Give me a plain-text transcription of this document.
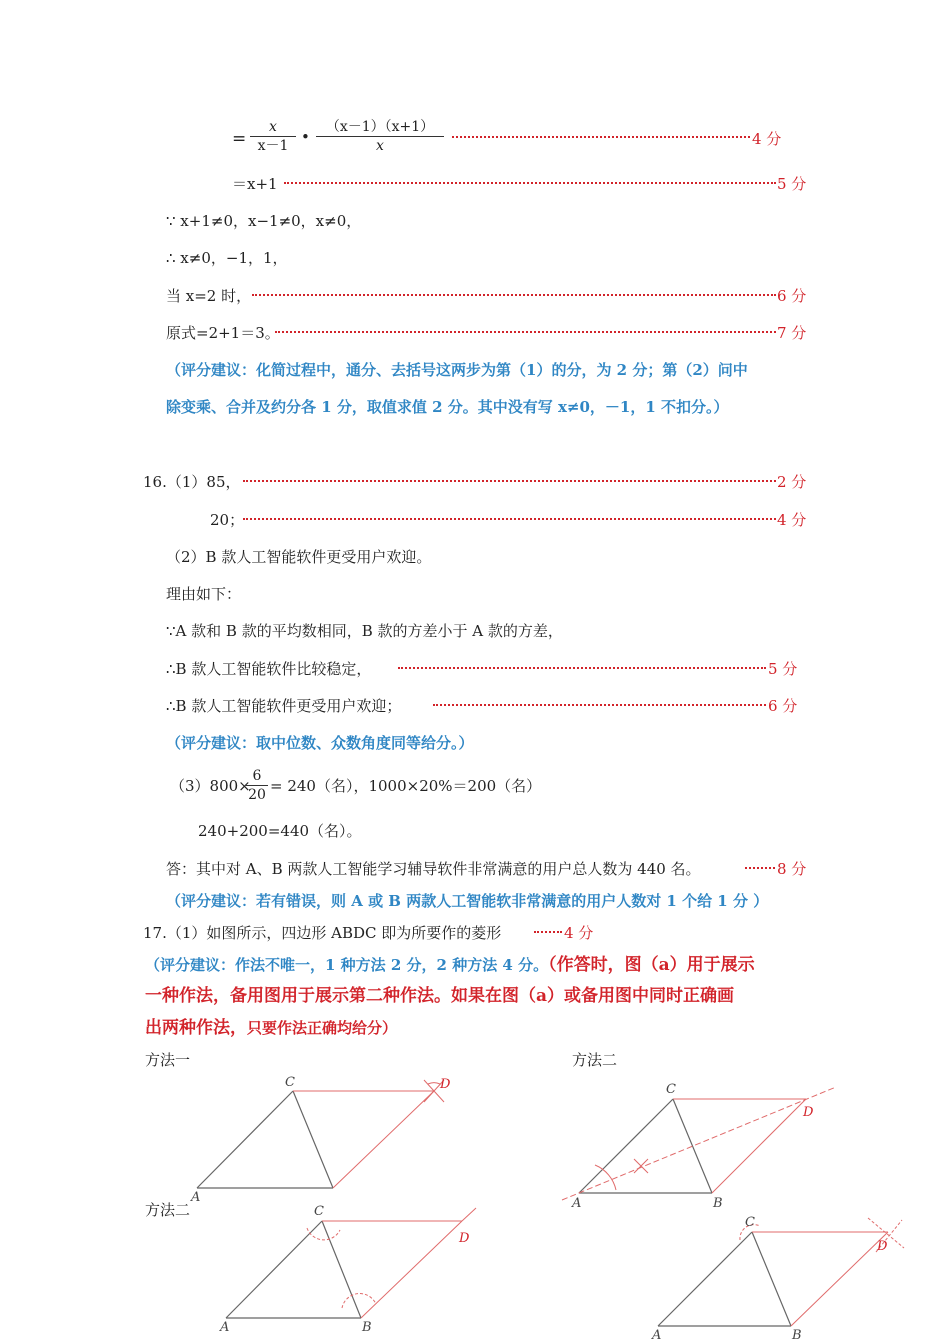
= $\frac{x}{x-1}$ • $\frac{(x-1)(x+1)}{x}$	4 分
＝x+1	5 分
∵ x+1≠0，x−1≠0，x≠0，
∴ x≠0，−1，1，
当 x=2 时，	6 分
原式=2+1＝3。	7 分
（评分建议：化简过程中，通分、去括号这两步为第（1）的分，为 2 分；第（2）问中
除变乘、合并及约分各 1 分，取值求值 2 分。其中没有写 x≠0，－1，1 不扣分。）
16.（1）85，	2 分
20；	4 分
（2）B 款人工智能软件更受用户欢迎。
理由如下：
∵A 款和 B 款的平均数相同，B 款的方差小于 A 款的方差，
∴B 款人工智能软件比较稳定，	5 分
∴B 款人工智能软件更受用户欢迎；	6 分
（评分建议：取中位数、众数角度同等给分。）
（3）800×
$\frac{6}{20} = 240$（名），1000×20%＝200（名）
240+200=440（名）。
答：其中对 A、B 两款人工智能学习辅导软件非常满意的用户总人数为 440 名。	8 分
（评分建议：若有错误，则 A 或 B 两款人工智能软非常满意的用户人数对 1 个给 1 分 ）
17.（1）如图所示，四边形 ABDC 即为所要作的菱形	4 分
（评分建议：作法不唯一，1 种方法 2 分，2 种方法 4 分。（作答时，图（a）用于展示
一种作法，备用图用于展示第二种作法。如果在图（a）或备用图中同时正确画
出两种作法，只要作法正确均给分）
方法一	方法二
方法二
A
C	D
A	B
C
D
A	B
C
D
A	B
C
D
